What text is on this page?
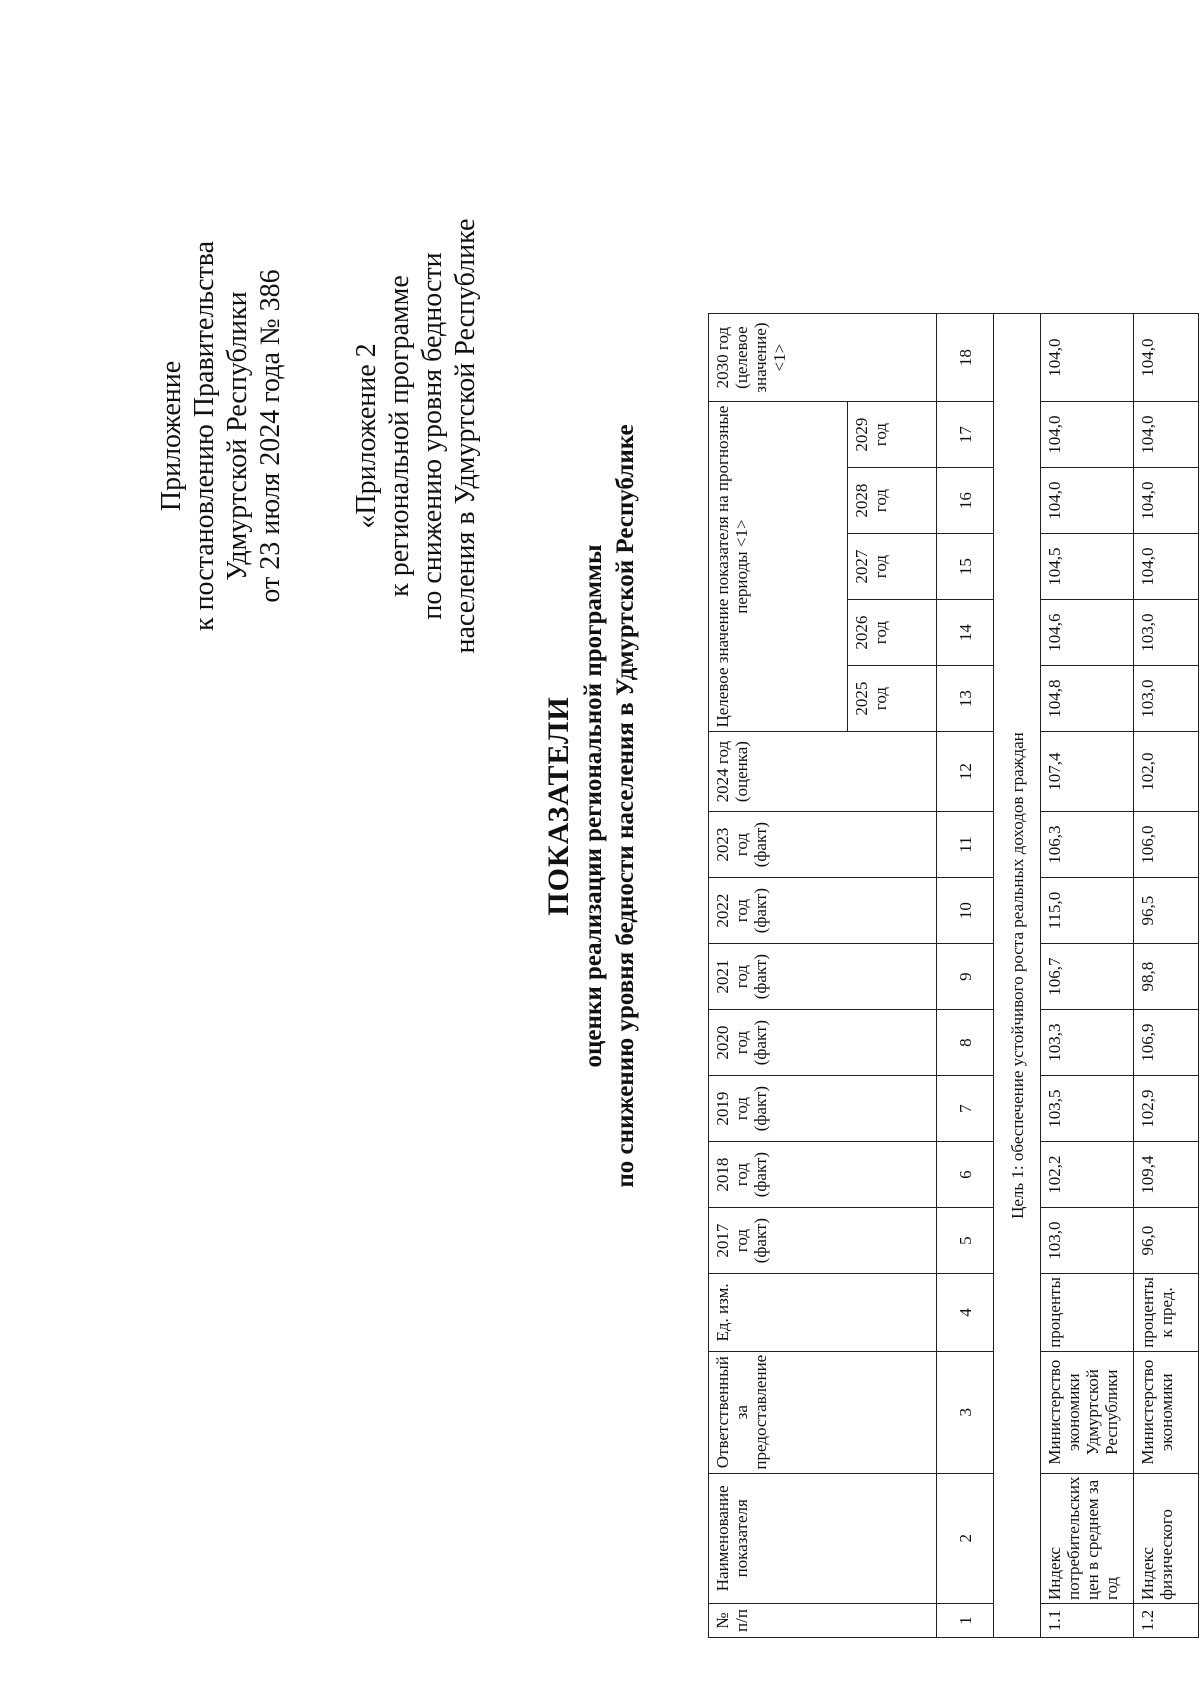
Приложение к постановлению Правительства Удмуртской Республики от 23 июля 2024 года № 386 «Приложение 2 к региональной программе по снижению уровня бедности населения в Удмуртской Республике
ПОКАЗАТЕЛИ оценки реализации региональной программы по снижению уровня бедности населения в Удмуртской Республике
№ п/п	Наименование показателя	Ответственный за предоставление	Ед. изм.	2017 год (факт)	2018 год (факт)	2019 год (факт)	2020 год (факт)	2021 год (факт)	2022 год (факт)	2023 год (факт)	2024 год (оценка)	Целевое значение показателя на прогнозные периоды <1>					2030 год (целевое значение) <1>
												2025 год	2026 год	2027 год	2028 год	2029 год	
1	2	3	4	5	6	7	8	9	10	11	12	13	14	15	16	17	18
Цель 1: обеспечение устойчивого роста реальных доходов граждан																	
1.1	Индекс потребительских цен в среднем за год	Министерство экономики Удмуртской Республики	проценты	103,0	102,2	103,5	103,3	106,7	115,0	106,3	107,4	104,8	104,6	104,5	104,0	104,0	104,0
1.2	Индекс физического	Министерство экономики	проценты к пред.	96,0	109,4	102,9	106,9	98,8	96,5	106,0	102,0	103,0	103,0	104,0	104,0	104,0	104,0
